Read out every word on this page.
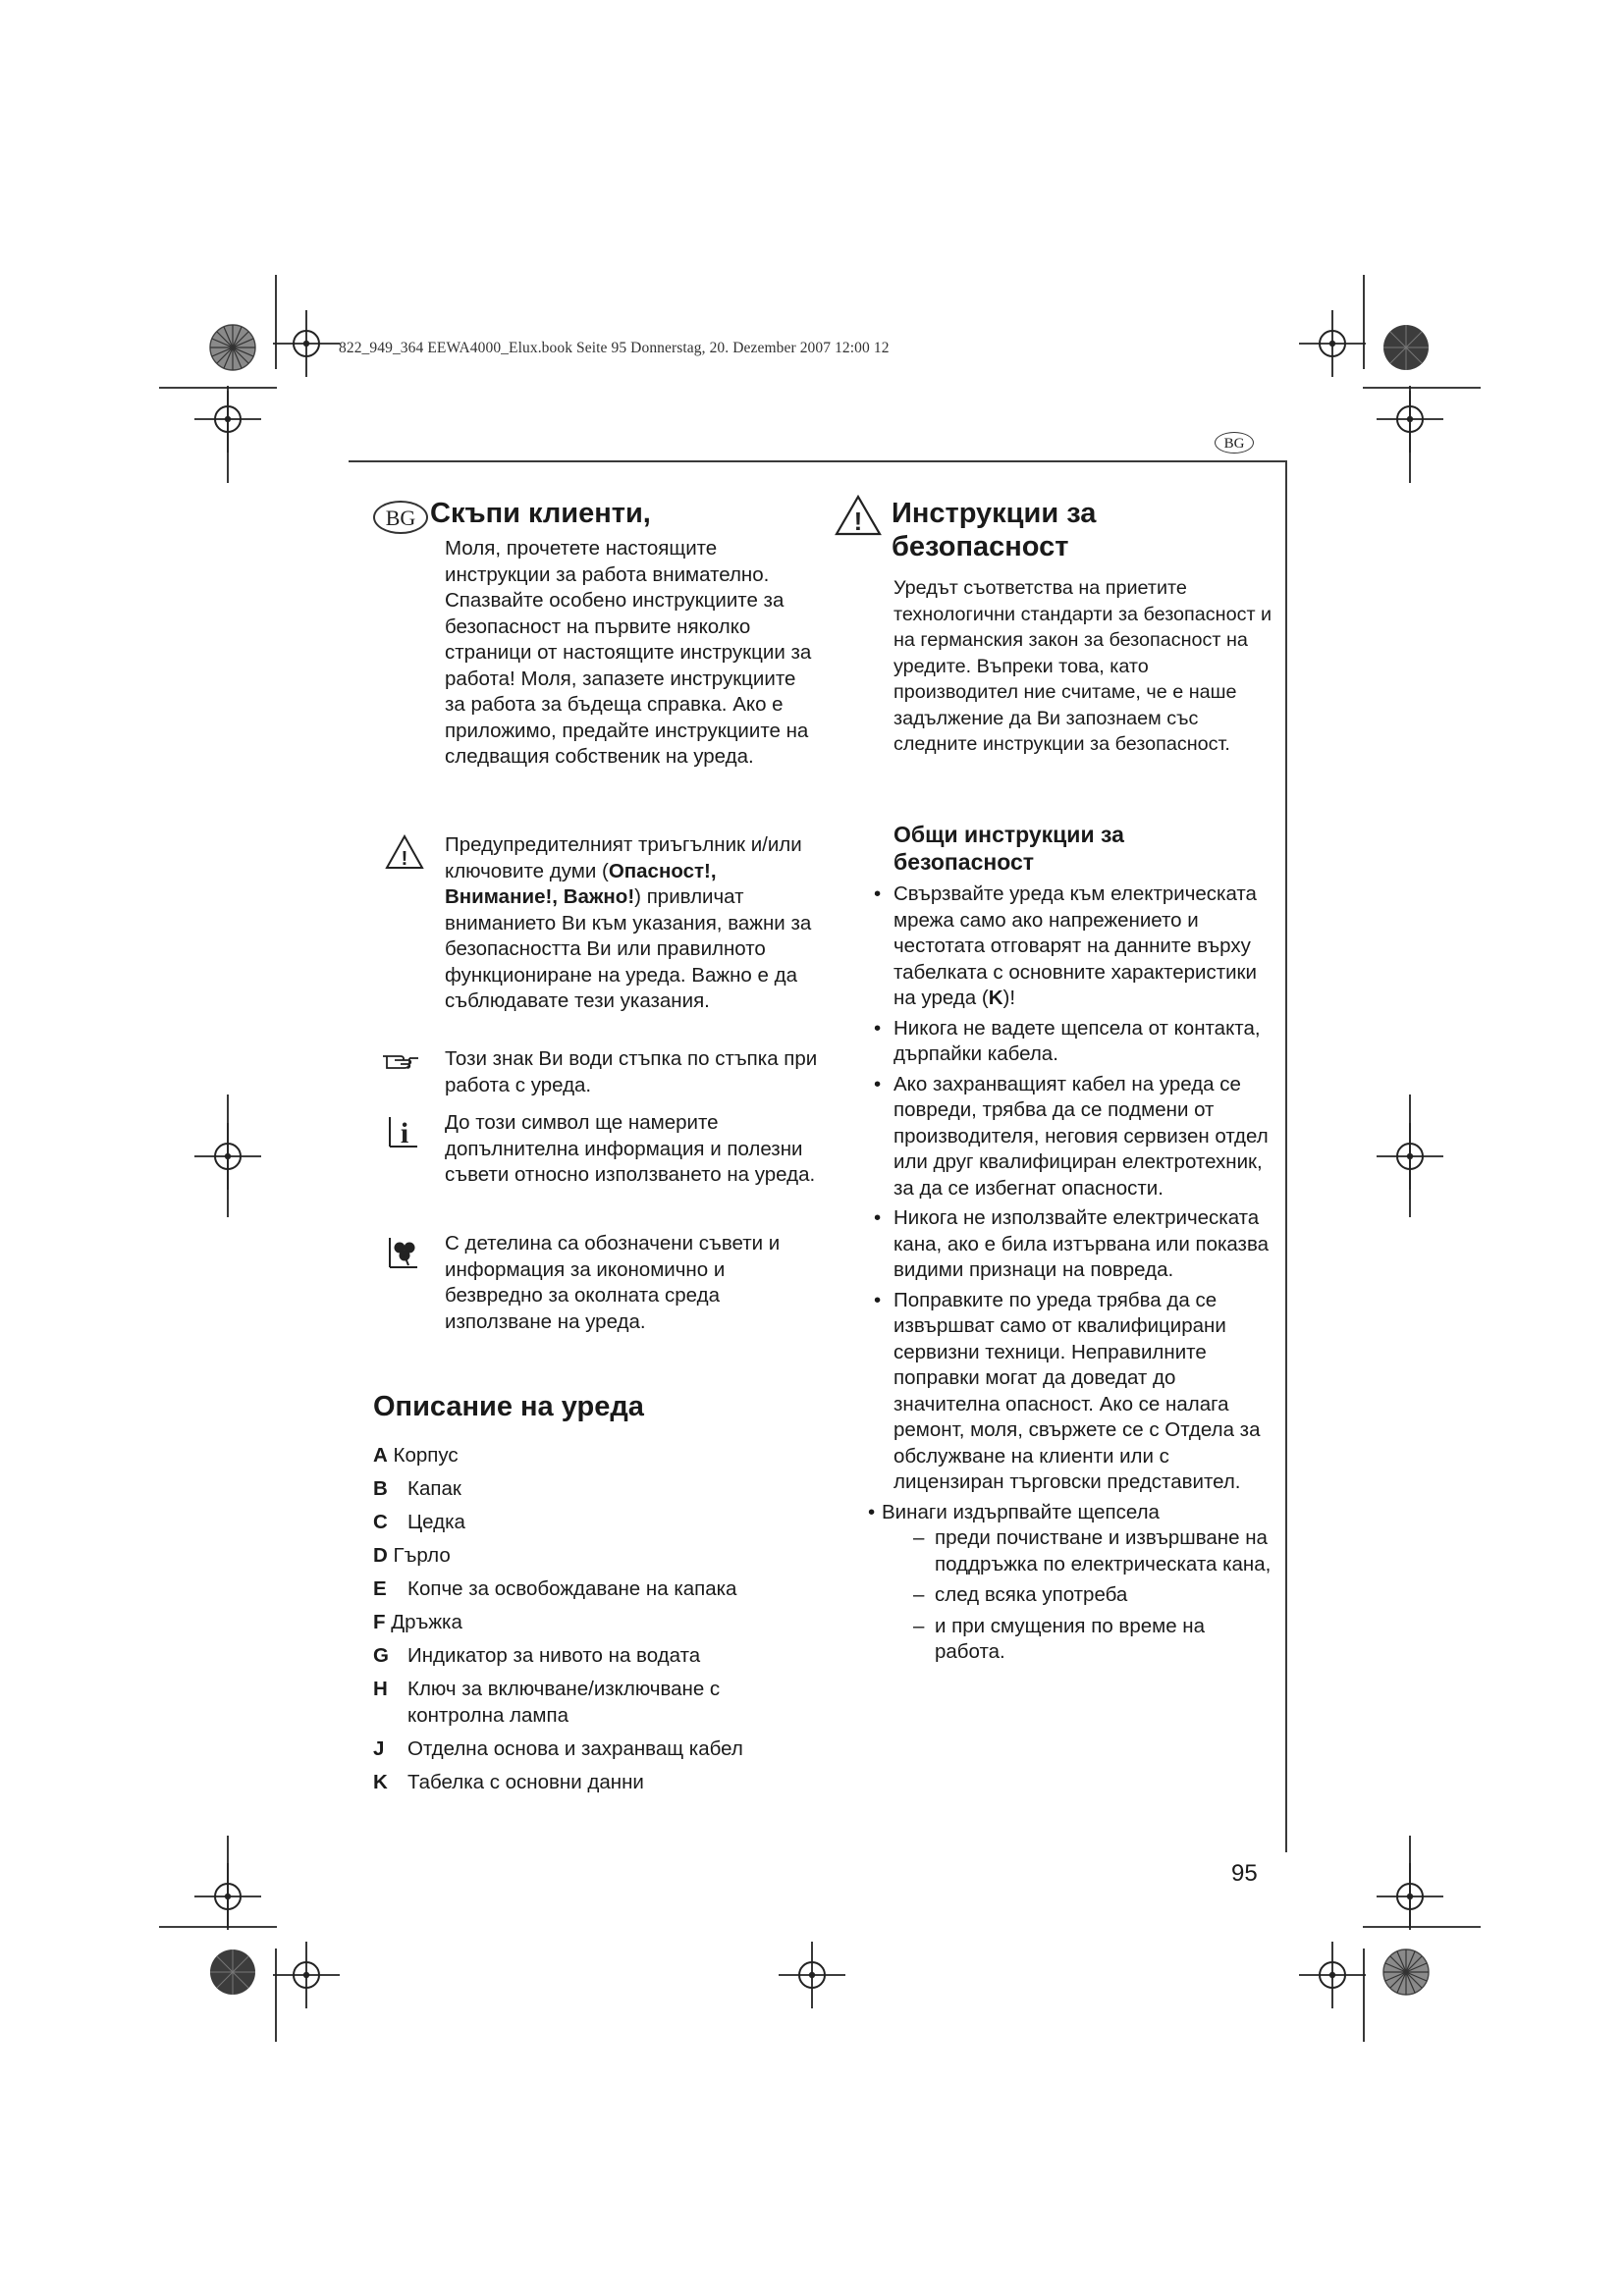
822_949_364 EEWA4000_Elux.book Seite 95 Donnerstag, 20. Dezember 2007 12:00 12
BG
BG Скъпи клиенти,

Моля, прочетете настоящите инструкции за работа внимателно. Спазвайте особено инструкциите за безопасност на първите няколко страници от настоящите инструкции за работа! Моля, запазете инструкциите за работа за бъдеща справка. Ако е приложимо, предайте инструкциите на следващия собственик на уреда.

!

Предупредителният триъгълник и/или ключовите думи (Опасност!, Внимание!, Важно!) привличат вниманието Ви към указания, важни за безопасността Ви или правилното функциониране на уреда. Важно е да съблюдавате тези указания.

Този знак Ви води стъпка по стъпка при работа с уреда.

i До този символ ще намерите допълнителна информация и полезни съвети относно използването на уреда.

С детелина са обозначени съвети и информация за икономично и безвредно за околната среда използване на уреда.

Описание на уреда
A Корпус
B Капак
C Цедка
D Гърло
E Копче за освобождаване на капака
F Дръжка
G Индикатор за нивото на водата
H Ключ за включване/изключване с контролна лампа
J Отделна основа и захранващ кабел
K Табелка с основни данни
! Инструкции за безопасност

Уредът съответства на приетите технологични стандарти за безопасност и на германския закон за безопасност на уредите. Въпреки това, като производител ние считаме, че е наше задължение да Ви запознаем със следните инструкции за безопасност.

Общи инструкции за безопасност
• Свързвайте уреда към електрическата мрежа само ако напрежението и честотата отговарят на данните върху табелката с основните характеристики на уреда (K)!
• Никога не вадете щепсела от контакта, дърпайки кабела.
• Ако захранващият кабел на уреда се повреди, трябва да се подмени от производителя, неговия сервизен отдел или друг квалифициран електротехник, за да се избегнат опасности.
• Никога не използвайте електрическата кана, ако е била изтървана или показва видими признаци на повреда.
• Поправките по уреда трябва да се извършват само от квалифицирани сервизни техници. Неправилните поправки могат да доведат до значителна опасност. Ако се налага ремонт, моля, свържете се с Отдела за обслужване на клиенти или с лицензиран търговски представител.
• Винаги издърпвайте щепсела
– преди почистване и извършване на поддръжка по електрическата кана,
– след всяка употреба
– и при смущения по време на работа.
95
